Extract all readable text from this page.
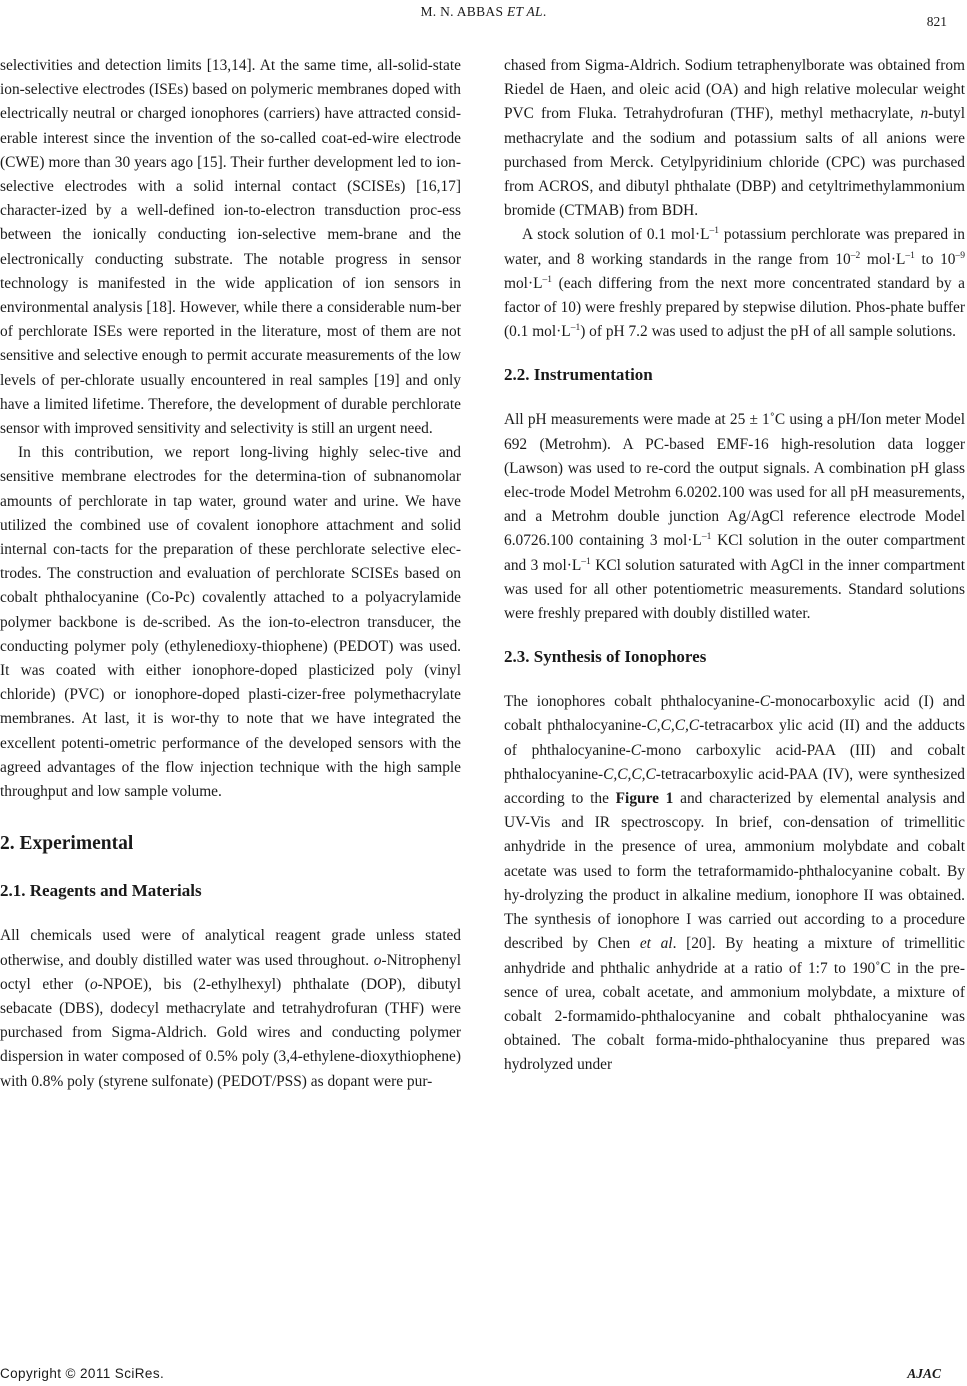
M. N. ABBAS ET AL.
821

selectivities and detection limits [13,14]. At the same time, all-solid-state ion-selective electrodes (ISEs) based on polymeric membranes doped with electrically neutral or charged ionophores (carriers) have attracted consid-erable interest since the invention of the so-called coat-ed-wire electrode (CWE) more than 30 years ago [15]. Their further development led to ion-selective electrodes with a solid internal contact (SCISEs) [16,17] character-ized by a well-defined ion-to-electron transduction proc-ess between the ionically conducting ion-selective mem-brane and the electronically conducting substrate. The notable progress in sensor technology is manifested in the wide application of ion sensors in environmental analysis [18]. However, while there a considerable num-ber of perchlorate ISEs were reported in the literature, most of them are not sensitive and selective enough to permit accurate measurements of the low levels of per-chlorate usually encountered in real samples [19] and only have a limited lifetime. Therefore, the development of durable perchlorate sensor with improved sensitivity and selectivity is still an urgent need.

In this contribution, we report long-living highly selec-tive and sensitive membrane electrodes for the determina-tion of subnanomolar amounts of perchlorate in tap water, ground water and urine. We have utilized the combined use of covalent ionophore attachment and solid internal con-tacts for the preparation of these perchlorate selective elec-trodes. The construction and evaluation of perchlorate SCISEs based on cobalt phthalocyanine (Co-Pc) covalently attached to a polyacrylamide polymer backbone is de-scribed. As the ion-to-electron transducer, the conducting polymer poly (ethylenedioxy-thiophene) (PEDOT) was used. It was coated with either ionophore-doped plasticized poly (vinyl chloride) (PVC) or ionophore-doped plasti-cizer-free polymethacrylate membranes. At last, it is wor-thy to note that we have integrated the excellent potenti-ometric performance of the developed sensors with the agreed advantages of the flow injection technique with the high sample throughput and low sample volume.

2. Experimental
2.1. Reagents and Materials

All chemicals used were of analytical reagent grade unless stated otherwise, and doubly distilled water was used throughout. o-Nitrophenyl octyl ether (o-NPOE), bis (2-ethylhexyl) phthalate (DOP), dibutyl sebacate (DBS), dodecyl methacrylate and tetrahydrofuran (THF) were purchased from Sigma-Aldrich. Gold wires and conducting polymer dispersion in water composed of 0.5% poly (3,4-ethylene-dioxythiophene) with 0.8% poly (styrene sulfonate) (PEDOT/PSS) as dopant were pur-

chased from Sigma-Aldrich. Sodium tetraphenylborate was obtained from Riedel de Haen, and oleic acid (OA) and high relative molecular weight PVC from Fluka. Tetrahydrofuran (THF), methyl methacrylate, n-butyl methacrylate and the sodium and potassium salts of all anions were purchased from Merck. Cetylpyridinium chloride (CPC) was purchased from ACROS, and dibutyl phthalate (DBP) and cetyltrimethylammonium bromide (CTMAB) from BDH.

A stock solution of 0.1 $mol\cdot L^{-1}$ potassium perchlorate was prepared in water, and 8 working standards in the range from $10^{-2}$ $mol\cdot L^{-1}$ to $10^{-9}$ $mol\cdot L^{-1}$ (each differing from the next more concentrated standard by a factor of 10) were freshly prepared by stepwise dilution. Phos-phate buffer (0.1 $mol\cdot L^{-1}$) of pH 7.2 was used to adjust the pH of all sample solutions.

2.2. Instrumentation

All pH measurements were made at 25 ± 1˚C using a pH/Ion meter Model 692 (Metrohm). A PC-based EMF-16 high-resolution data logger (Lawson) was used to re-cord the output signals. A combination pH glass elec-trode Model Metrohm 6.0202.100 was used for all pH measurements, and a Metrohm double junction Ag/AgCl reference electrode Model 6.0726.100 containing 3 $mol\cdot L^{-1}$ KCl solution in the outer compartment and 3 $mol\cdot L^{-1}$ KCl solution saturated with AgCl in the inner compartment was used for all other potentiometric measurements. Standard solutions were freshly prepared with doubly distilled water.

2.3. Synthesis of Ionophores

The ionophores cobalt phthalocyanine-C-monocarboxylic acid (I) and cobalt phthalocyanine-C,C,C,C-tetracarbox ylic acid (II) and the adducts of phthalocyanine-C-mono carboxylic acid-PAA (III) and cobalt phthalocyanine-C,C,C,C-tetracarboxylic acid-PAA (IV), were synthesized according to the Figure 1 and characterized by elemental analysis and UV-Vis and IR spectroscopy. In brief, con-densation of trimellitic anhydride in the presence of urea, ammonium molybdate and cobalt acetate was used to form the tetraformamido-phthalocyanine cobalt. By hy-drolyzing the product in alkaline medium, ionophore II was obtained. The synthesis of ionophore I was carried out according to a procedure described by Chen et al. [20]. By heating a mixture of trimellitic anhydride and phthalic anhydride at a ratio of 1:7 to 190˚C in the pre-sence of urea, cobalt acetate, and ammonium molybdate, a mixture of cobalt 2-formamido-phthalocyanine and cobalt phthalocyanine was obtained. The cobalt forma-mido-phthalocyanine thus prepared was hydrolyzed under

Copyright © 2011 SciRes.	AJAC
